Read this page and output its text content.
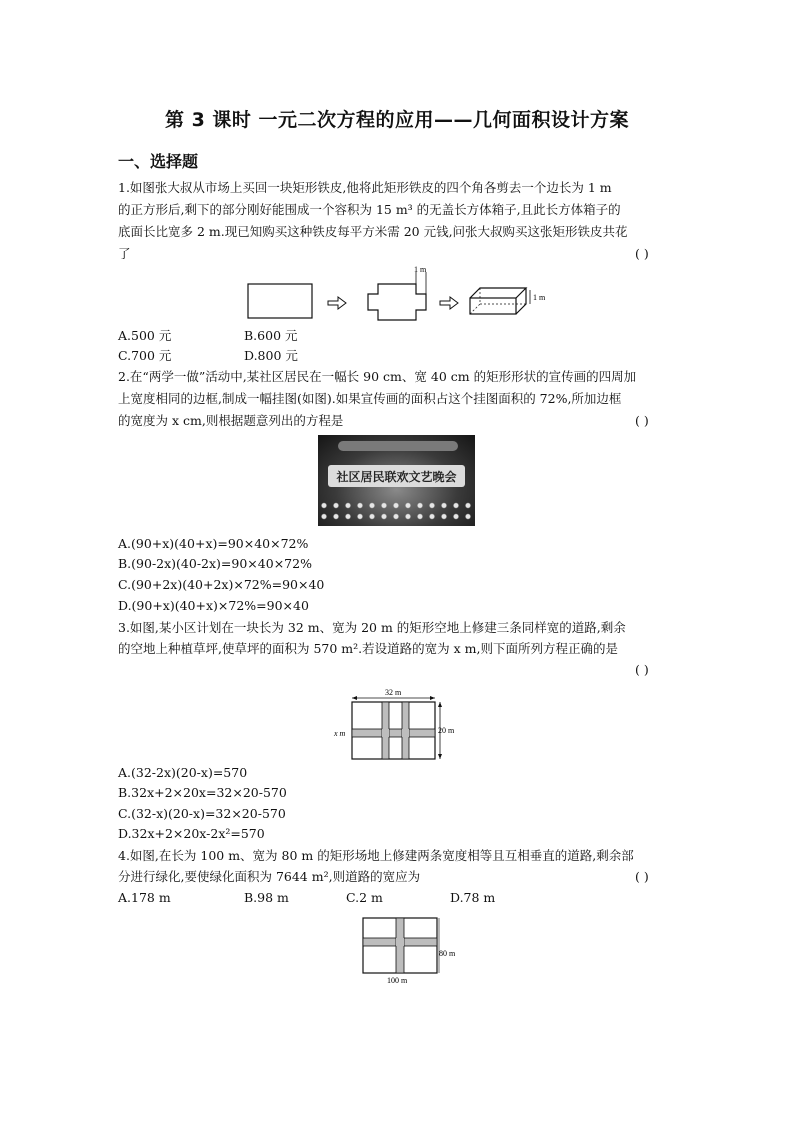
第 3 课时 一元二次方程的应用——几何面积设计方案
一、选择题
1.如图张大叔从市场上买回一块矩形铁皮,他将此矩形铁皮的四个角各剪去一个边长为 1 m
的正方形后,剩下的部分刚好能围成一个容积为 15 m³ 的无盖长方体箱子,且此长方体箱子的
底面长比宽多 2 m.现已知购买这种铁皮每平方米需 20 元钱,问张大叔购买这张矩形铁皮共花
了	( )
1 m
1 m
A.500 元	B.600 元
C.700 元	D.800 元
2.在“两学一做”活动中,某社区居民在一幅长 90 cm、宽 40 cm 的矩形形状的宣传画的四周加
上宽度相同的边框,制成一幅挂图(如图).如果宣传画的面积占这个挂图面积的 72%,所加边框
的宽度为 x cm,则根据题意列出的方程是	( )
社区居民联欢文艺晚会
A.(90+x)(40+x)=90×40×72%
B.(90-2x)(40-2x)=90×40×72%
C.(90+2x)(40+2x)×72%=90×40
D.(90+x)(40+x)×72%=90×40
3.如图,某小区计划在一块长为 32 m、宽为 20 m 的矩形空地上修建三条同样宽的道路,剩余
的空地上种植草坪,使草坪的面积为 570 m².若设道路的宽为 x m,则下面所列方程正确的是
( )
32 m
20 m
x m
A.(32-2x)(20-x)=570
B.32x+2×20x=32×20-570
C.(32-x)(20-x)=32×20-570
D.32x+2×20x-2x²=570
4.如图,在长为 100 m、宽为 80 m 的矩形场地上修建两条宽度相等且互相垂直的道路,剩余部
分进行绿化,要使绿化面积为 7644 m²,则道路的宽应为	( )
A.178 m	B.98 m	C.2 m	D.78 m
80 m
100 m
